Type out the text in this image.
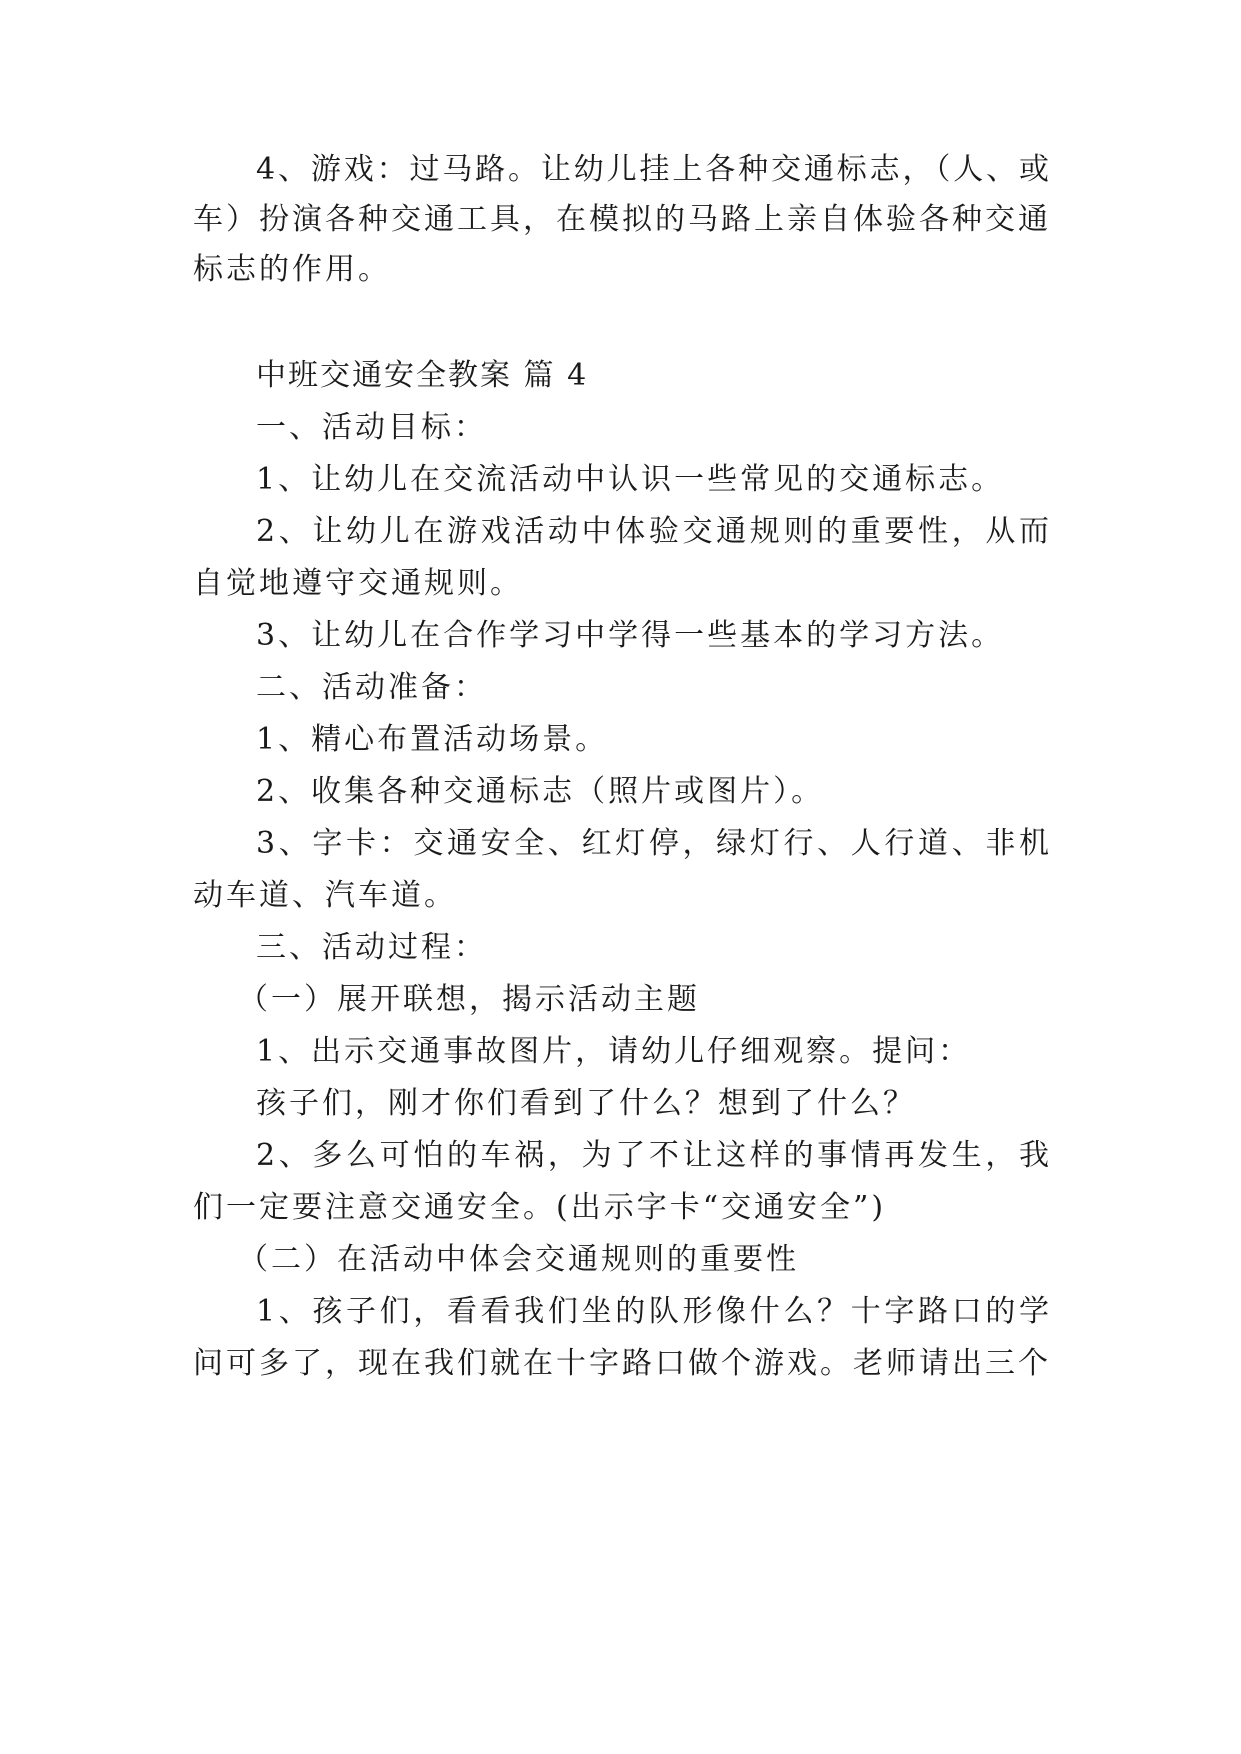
4、游戏：过马路。让幼儿挂上各种交通标志，（人、或
车）扮演各种交通工具，在模拟的马路上亲自体验各种交通
标志的作用。
中班交通安全教案 篇 4
一、活动目标：
1、让幼儿在交流活动中认识一些常见的交通标志。
2、让幼儿在游戏活动中体验交通规则的重要性，从而
自觉地遵守交通规则。
3、让幼儿在合作学习中学得一些基本的学习方法。
二、活动准备：
1、精心布置活动场景。
2、收集各种交通标志（照片或图片）。
3、字卡：交通安全、红灯停，绿灯行、人行道、非机
动车道、汽车道。
三、活动过程：
（一）展开联想，揭示活动主题
1、出示交通事故图片，请幼儿仔细观察。提问：
孩子们，刚才你们看到了什么？想到了什么？
2、多么可怕的车祸，为了不让这样的事情再发生，我
们一定要注意交通安全。(出示字卡“交通安全”)
（二）在活动中体会交通规则的重要性
1、孩子们，看看我们坐的队形像什么？十字路口的学
问可多了，现在我们就在十字路口做个游戏。老师请出三个
